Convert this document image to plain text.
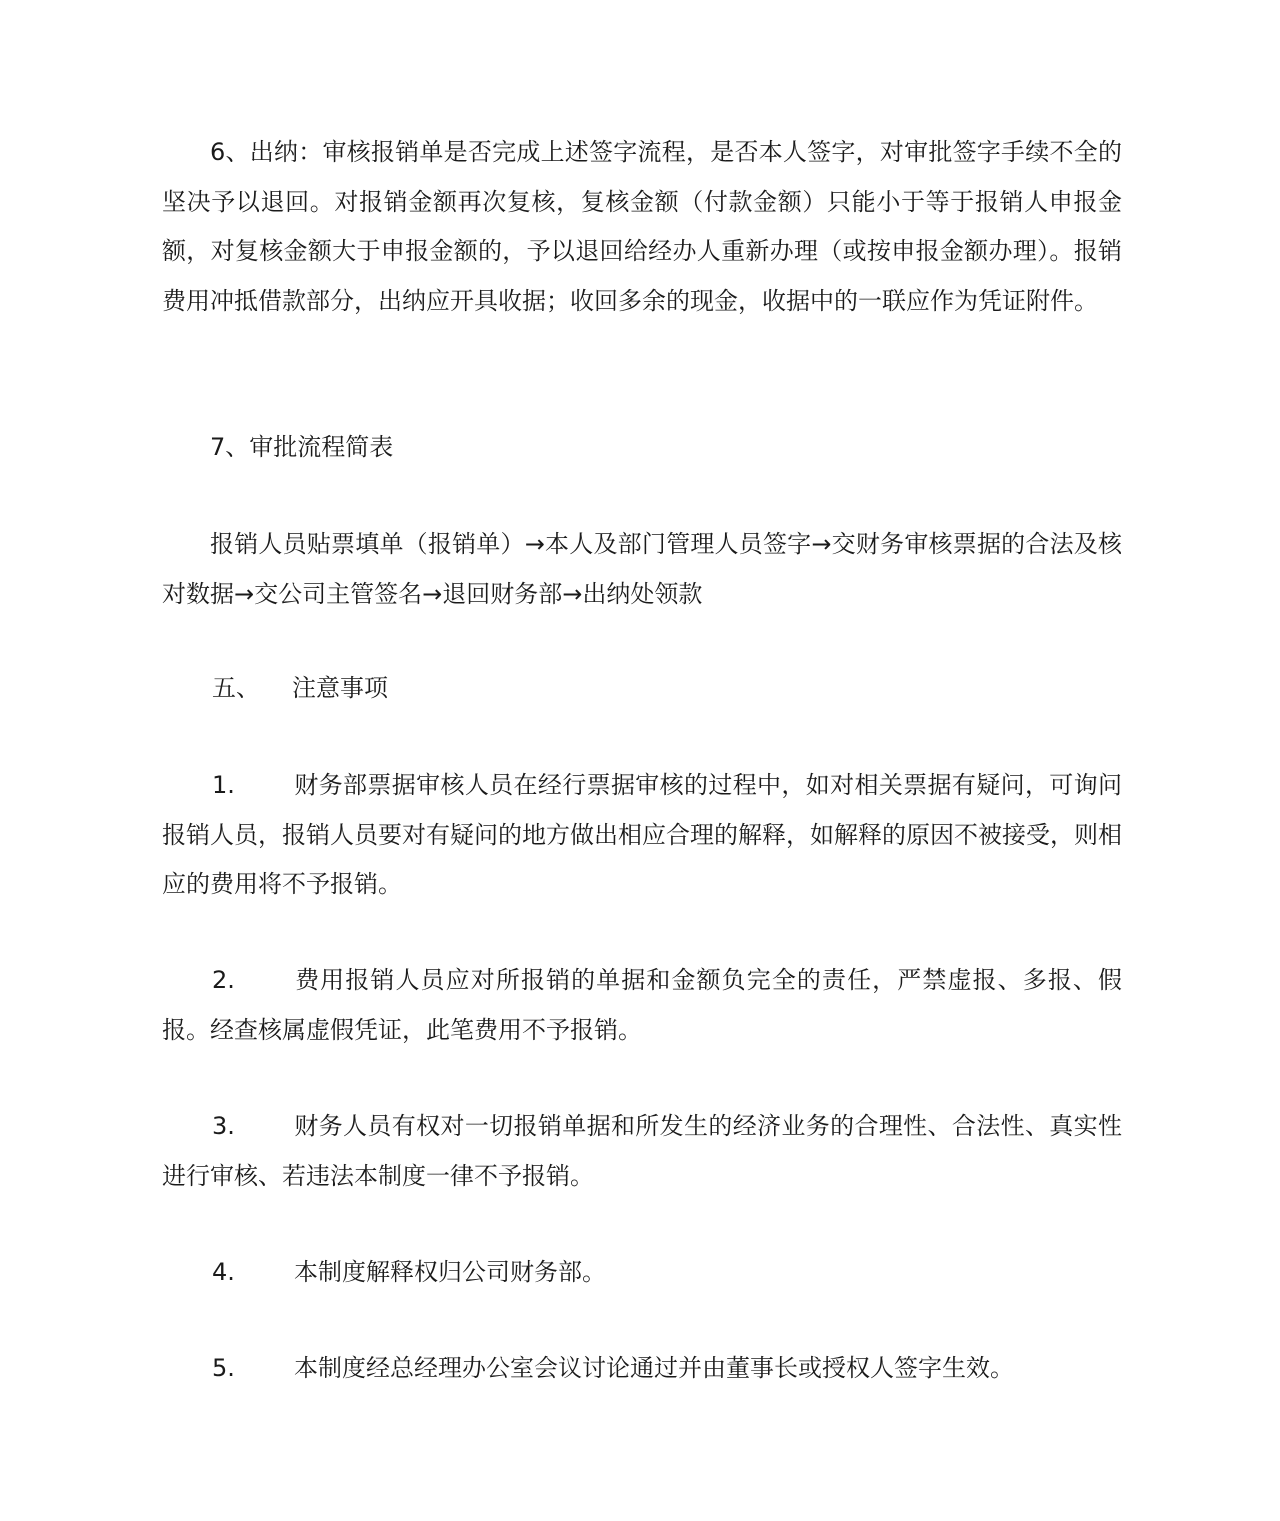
6、出纳：审核报销单是否完成上述签字流程，是否本人签字，对审批签字手续不全的坚决予以退回。对报销金额再次复核，复核金额（付款金额）只能小于等于报销人申报金额，对复核金额大于申报金额的，予以退回给经办人重新办理（或按申报金额办理）。报销费用冲抵借款部分，出纳应开具收据；收回多余的现金，收据中的一联应作为凭证附件。

7、审批流程简表

报销人员贴票填单（报销单）→本人及部门管理人员签字→交财务审核票据的合法及核对数据→交公司主管签名→退回财务部→出纳处领款

五、 注意事项

1. 财务部票据审核人员在经行票据审核的过程中，如对相关票据有疑问，可询问报销人员，报销人员要对有疑问的地方做出相应合理的解释，如解释的原因不被接受，则相应的费用将不予报销。

2. 费用报销人员应对所报销的单据和金额负完全的责任，严禁虚报、多报、假报。经查核属虚假凭证，此笔费用不予报销。

3. 财务人员有权对一切报销单据和所发生的经济业务的合理性、合法性、真实性进行审核、若违法本制度一律不予报销。

4. 本制度解释权归公司财务部。

5. 本制度经总经理办公室会议讨论通过并由董事长或授权人签字生效。
